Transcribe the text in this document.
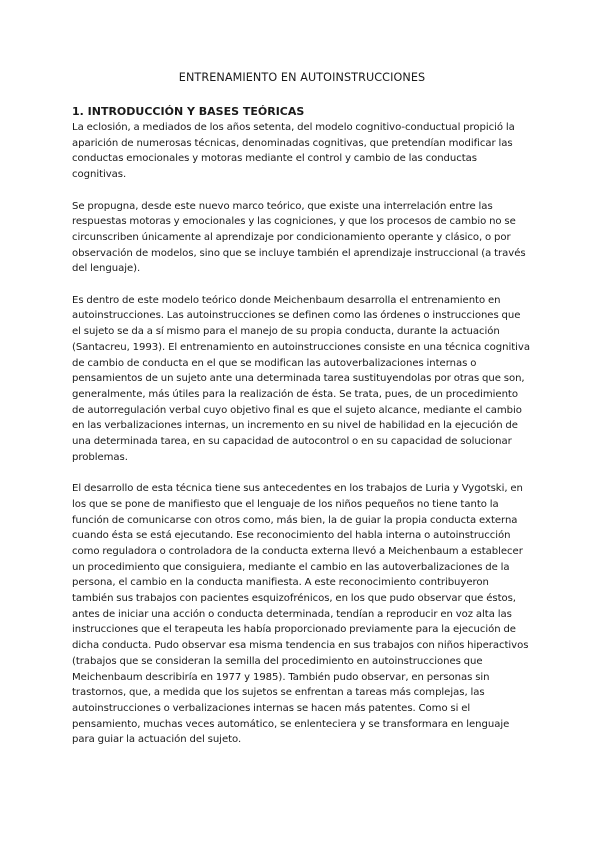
ENTRENAMIENTO EN AUTOINSTRUCCIONES
1. INTRODUCCIÓN Y BASES TEÓRICAS

La eclosión, a mediados de los años setenta, del modelo cognitivo-conductual propició la aparición de numerosas técnicas, denominadas cognitivas, que pretendían modificar las conductas emocionales y motoras mediante el control y cambio de las conductas cognitivas.

Se propugna, desde este nuevo marco teórico, que existe una interrelación entre las respuestas motoras y emocionales y las cogniciones, y que los procesos de cambio no se circunscriben únicamente al aprendizaje por condicionamiento operante y clásico, o por observación de modelos, sino que se incluye también el aprendizaje instruccional (a través del lenguaje).

Es dentro de este modelo teórico donde Meichenbaum desarrolla el entrenamiento en autoinstrucciones. Las autoinstrucciones se definen como las órdenes o instrucciones que el sujeto se da a sí mismo para el manejo de su propia conducta, durante la actuación (Santacreu, 1993). El entrenamiento en autoinstrucciones consiste en una técnica cognitiva de cambio de conducta en el que se modifican las autoverbalizaciones internas o pensamientos de un sujeto ante una determinada tarea sustituyendolas por otras que son, generalmente, más útiles para la realización de ésta. Se trata, pues, de un procedimiento de autorregulación verbal cuyo objetivo final es que el sujeto alcance, mediante el cambio en las verbalizaciones internas, un incremento en su nivel de habilidad en la ejecución de una determinada tarea, en su capacidad de autocontrol o en su capacidad de solucionar problemas.

El desarrollo de esta técnica tiene sus antecedentes en los trabajos de Luria y Vygotski, en los que se pone de manifiesto que el lenguaje de los niños pequeños no tiene tanto la función de comunicarse con otros como, más bien, la de guiar la propia conducta externa cuando ésta se está ejecutando. Ese reconocimiento del habla interna o autoinstrucción como reguladora o controladora de la conducta externa llevó a Meichenbaum a establecer un procedimiento que consiguiera, mediante el cambio en las autoverbalizaciones de la persona, el cambio en la conducta manifiesta. A este reconocimiento contribuyeron también sus trabajos con pacientes esquizofrénicos, en los que pudo observar que éstos, antes de iniciar una acción o conducta determinada, tendían a reproducir en voz alta las instrucciones que el terapeuta les había proporcionado previamente para la ejecución de dicha conducta. Pudo observar esa misma tendencia en sus trabajos con niños hiperactivos (trabajos que se consideran la semilla del procedimiento en autoinstrucciones que Meichenbaum describiría en 1977 y 1985). También pudo observar, en personas sin trastornos, que, a medida que los sujetos se enfrentan a tareas más complejas, las autoinstrucciones o verbalizaciones internas se hacen más patentes. Como si el pensamiento, muchas veces automático, se enlenteciera y se transformara en lenguaje para guiar la actuación del sujeto.
